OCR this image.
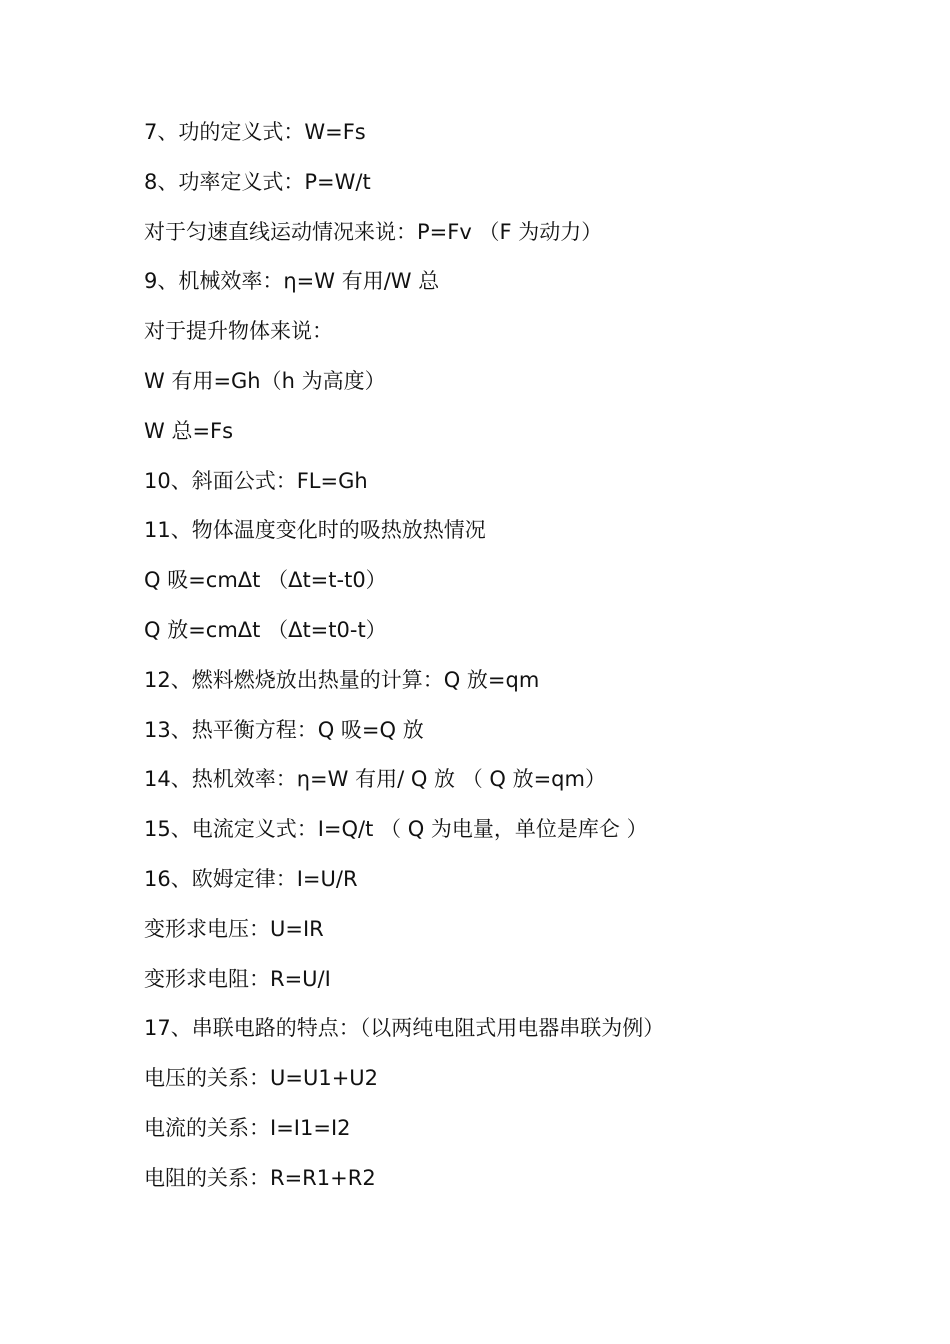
7、功的定义式：W=Fs
8、功率定义式：P=W/t
对于匀速直线运动情况来说：P=Fv （F 为动力）
9、机械效率：η=W 有用/W 总
对于提升物体来说：
W 有用=Gh（h 为高度）
W 总=Fs
10、斜面公式：FL=Gh
11、物体温度变化时的吸热放热情况
Q 吸=cmΔt （Δt=t-t0）
Q 放=cmΔt （Δt=t0-t）
12、燃料燃烧放出热量的计算：Q 放=qm
13、热平衡方程：Q 吸=Q 放
14、热机效率：η=W 有用/ Q 放 （ Q 放=qm）
15、电流定义式：I=Q/t （ Q 为电量，单位是库仑 ）
16、欧姆定律：I=U/R
变形求电压：U=IR
变形求电阻：R=U/I
17、串联电路的特点：（以两纯电阻式用电器串联为例）
电压的关系：U=U1+U2
电流的关系：I=I1=I2
电阻的关系：R=R1+R2
